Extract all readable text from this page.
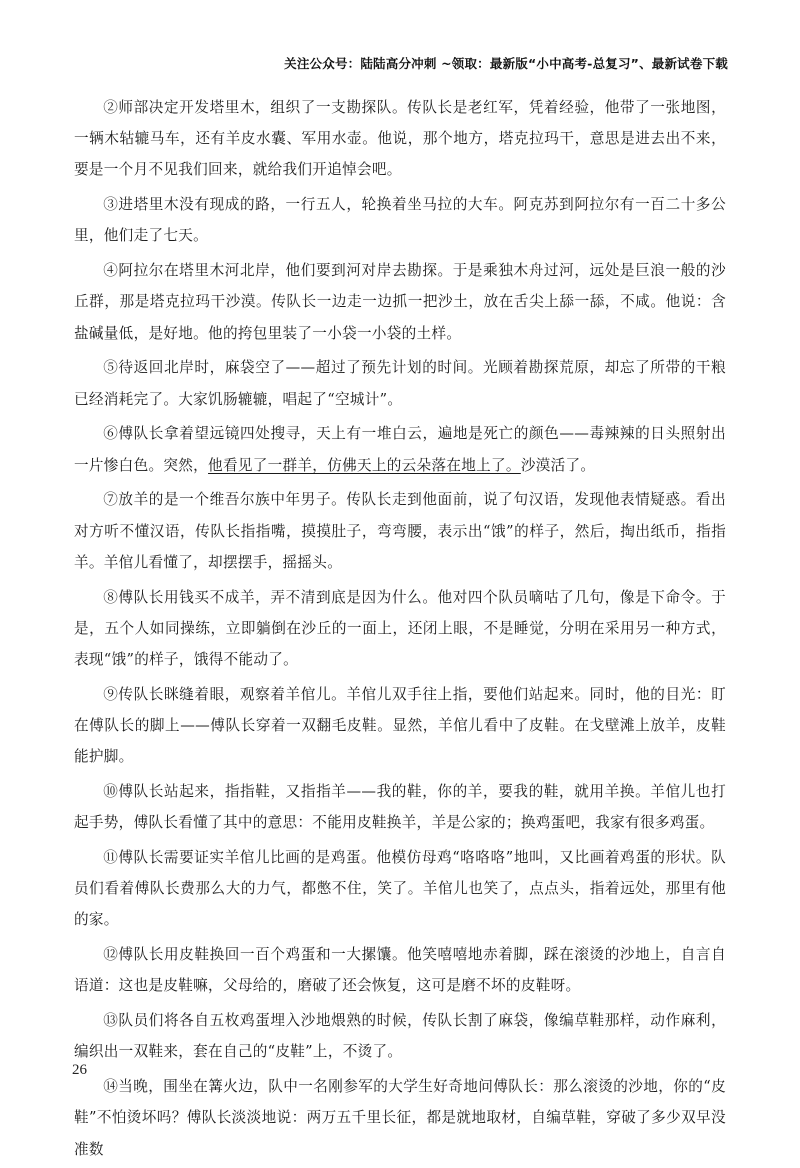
关注公众号：陆陆高分冲刺 ~领取：最新版“小中高考-总复习”、最新试卷下载

②师部决定开发塔里木，组织了一支勘探队。传队长是老红军，凭着经验，他带了一张地图，一辆木轱辘马车，还有羊皮水囊、军用水壶。他说，那个地方，塔克拉玛干，意思是进去出不来，要是一个月不见我们回来，就给我们开追悼会吧。

③进塔里木没有现成的路，一行五人，轮换着坐马拉的大车。阿克苏到阿拉尔有一百二十多公里，他们走了七天。

④阿拉尔在塔里木河北岸，他们要到河对岸去勘探。于是乘独木舟过河，远处是巨浪一般的沙丘群，那是塔克拉玛干沙漠。传队长一边走一边抓一把沙土，放在舌尖上舔一舔，不咸。他说：含盐碱量低，是好地。他的挎包里装了一小袋一小袋的土样。

⑤待返回北岸时，麻袋空了——超过了预先计划的时间。光顾着勘探荒原，却忘了所带的干粮已经消耗完了。大家饥肠辘辘，唱起了“空城计”。

⑥傅队长拿着望远镜四处搜寻，天上有一堆白云，遍地是死亡的颜色——毒辣辣的日头照射出一片惨白色。突然，他看见了一群羊，仿佛天上的云朵落在地上了。沙漠活了。

⑦放羊的是一个维吾尔族中年男子。传队长走到他面前，说了句汉语，发现他表情疑惑。看出对方听不懂汉语，传队长指指嘴，摸摸肚子，弯弯腰，表示出“饿”的样子，然后，掏出纸币，指指羊。羊倌儿看懂了，却摆摆手，摇摇头。

⑧傅队长用钱买不成羊，弄不清到底是因为什么。他对四个队员嘀咕了几句，像是下命令。于是，五个人如同操练，立即躺倒在沙丘的一面上，还闭上眼，不是睡觉，分明在采用另一种方式，表现“饿”的样子，饿得不能动了。

⑨传队长眯缝着眼，观察着羊倌儿。羊倌儿双手往上指，要他们站起来。同时，他的目光：盯在傅队长的脚上——傅队长穿着一双翻毛皮鞋。显然，羊倌儿看中了皮鞋。在戈壁滩上放羊，皮鞋能护脚。

⑩傅队长站起来，指指鞋，又指指羊——我的鞋，你的羊，要我的鞋，就用羊换。羊倌儿也打起手势，傅队长看懂了其中的意思：不能用皮鞋换羊，羊是公家的；换鸡蛋吧，我家有很多鸡蛋。

⑪傅队长需要证实羊倌儿比画的是鸡蛋。他模仿母鸡“咯咯咯”地叫，又比画着鸡蛋的形状。队员们看着傅队长费那么大的力气，都憋不住，笑了。羊倌儿也笑了，点点头，指着远处，那里有他的家。

⑫傅队长用皮鞋换回一百个鸡蛋和一大摞馕。他笑嘻嘻地赤着脚，踩在滚烫的沙地上，自言自语道：这也是皮鞋嘛，父母给的，磨破了还会恢复，这可是磨不坏的皮鞋呀。

⑬队员们将各自五枚鸡蛋埋入沙地煨熟的时候，传队长割了麻袋，像编草鞋那样，动作麻利，编织出一双鞋来，套在自己的“皮鞋”上，不烫了。

⑭当晚，围坐在篝火边，队中一名刚参军的大学生好奇地问傅队长：那么滚烫的沙地，你的“皮鞋”不怕烫坏吗？傅队长淡淡地说：两万五千里长征，都是就地取材，自编草鞋，穿破了多少双早没准数

26
